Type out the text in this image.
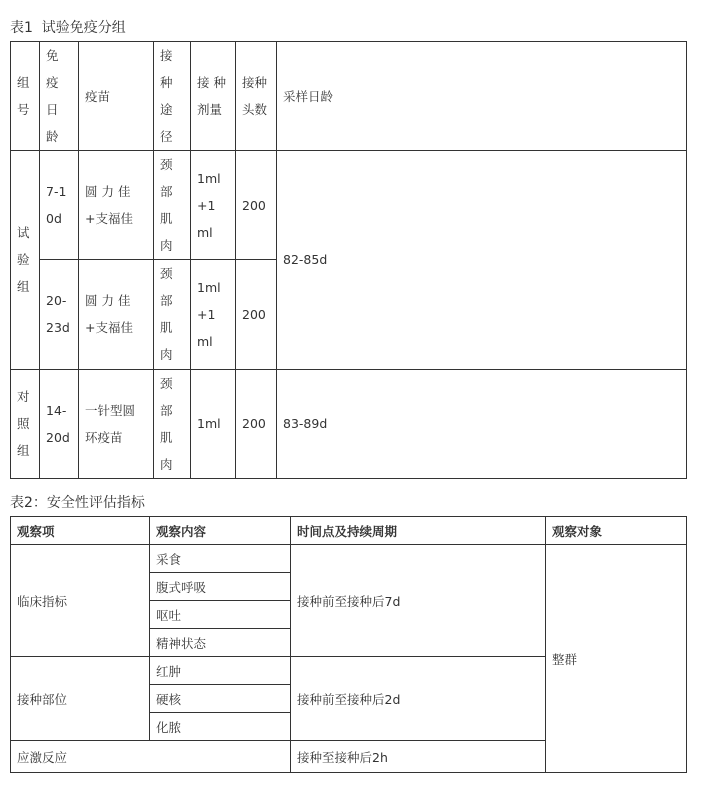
表1  试验免疫分组

组号	免疫日龄	疫苗	接种途径	接 种剂量	接种头数	采样日龄
试验组	7-10d	圆 力 佳+支福佳	颈部肌肉	1ml+1ml	200	82-85d
	20-23d	圆 力 佳+支福佳	颈部肌肉	1ml+1ml	200	
对照组	14-20d	一针型圆环疫苗	颈部肌肉	1ml	200	83-89d

表2：安全性评估指标

观察项	观察内容	时间点及持续周期	观察对象
临床指标	采食	接种前至接种后7d	整群
	腹式呼吸		
	呕吐		
	精神状态		
接种部位	红肿	接种前至接种后2d	
	硬核		
	化脓		
应激反应		接种至接种后2h	
